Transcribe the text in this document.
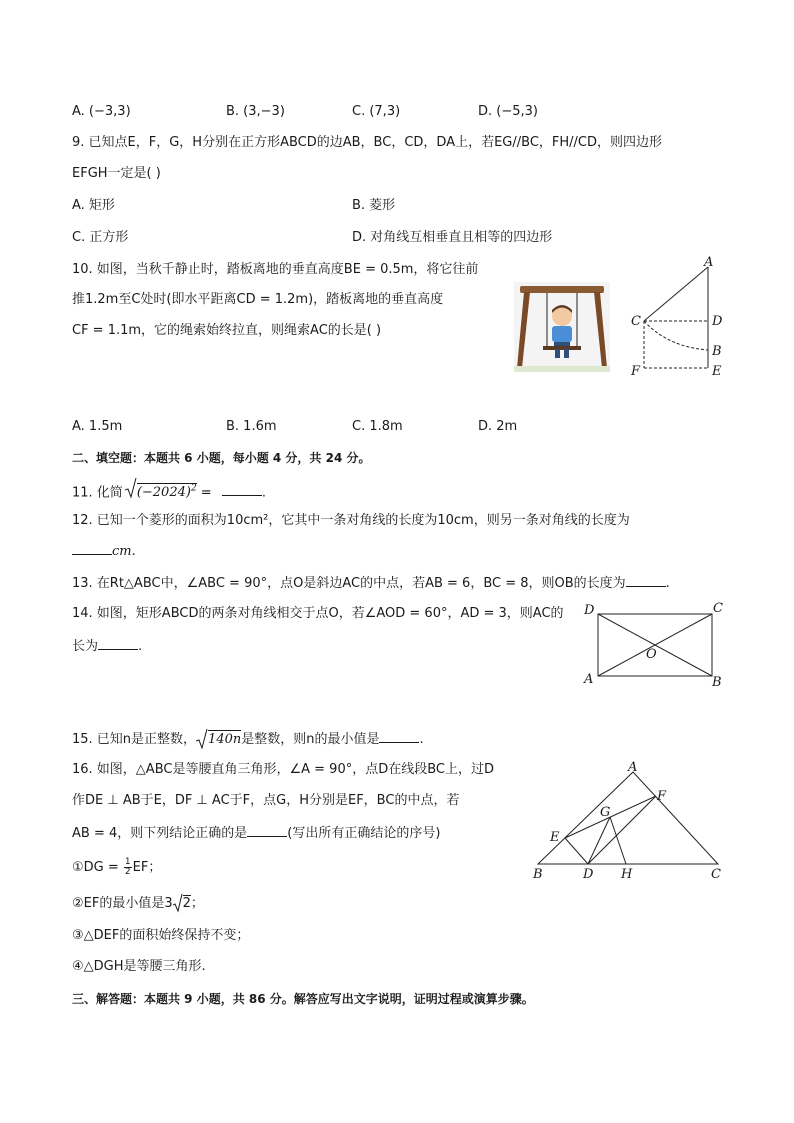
A. (−3,3)	B. (3,−3)	C. (7,3)	D. (−5,3)
9. 已知点E，F，G，H分别在正方形ABCD的边AB，BC，CD，DA上，若EG//BC，FH//CD，则四边形
EFGH一定是( )
A. 矩形	B. 菱形
C. 正方形	D. 对角线互相垂直且相等的四边形
10. 如图，当秋千静止时，踏板离地的垂直高度BE = 0.5m，将它往前
推1.2m至C处时(即水平距离CD = 1.2m)，踏板离地的垂直高度
CF = 1.1m，它的绳索始终拉直，则绳索AC的长是( )
A
C	D
B
F	E
A. 1.5m	B. 1.6m	C. 1.8m	D. 2m
二、填空题：本题共 6 小题，每小题 4 分，共 24 分。
11. 化简 $(-2024)^2$ =	.
12. 已知一个菱形的面积为10cm²，它其中一条对角线的长度为10cm，则另一条对角线的长度为
cm.
13. 在Rt△ABC中，∠ABC = 90°，点O是斜边AC的中点，若AB = 6，BC = 8，则OB的长度为	.
14. 如图，矩形ABCD的两条对角线相交于点O，若∠AOD = 60°，AD = 3，则AC的
长为	.
D	C
O
A	B
15. 已知n是正整数， 140n是整数，则n的最小值是	.
16. 如图，△ABC是等腰直角三角形，∠A = 90°，点D在线段BC上，过D
作DE ⊥ AB于E，DF ⊥ AC于F，点G，H分别是EF，BC的中点，若
AB = 4，则下列结论正确的是	(写出所有正确结论的序号)
①DG = $\frac{1}{2}$ EF；
②EF的最小值是3 2；
③△DEF的面积始终保持不变；
④△DGH是等腰三角形.
A
F
G
E
B	D H	C
三、解答题：本题共 9 小题，共 86 分。解答应写出文字说明，证明过程或演算步骤。
